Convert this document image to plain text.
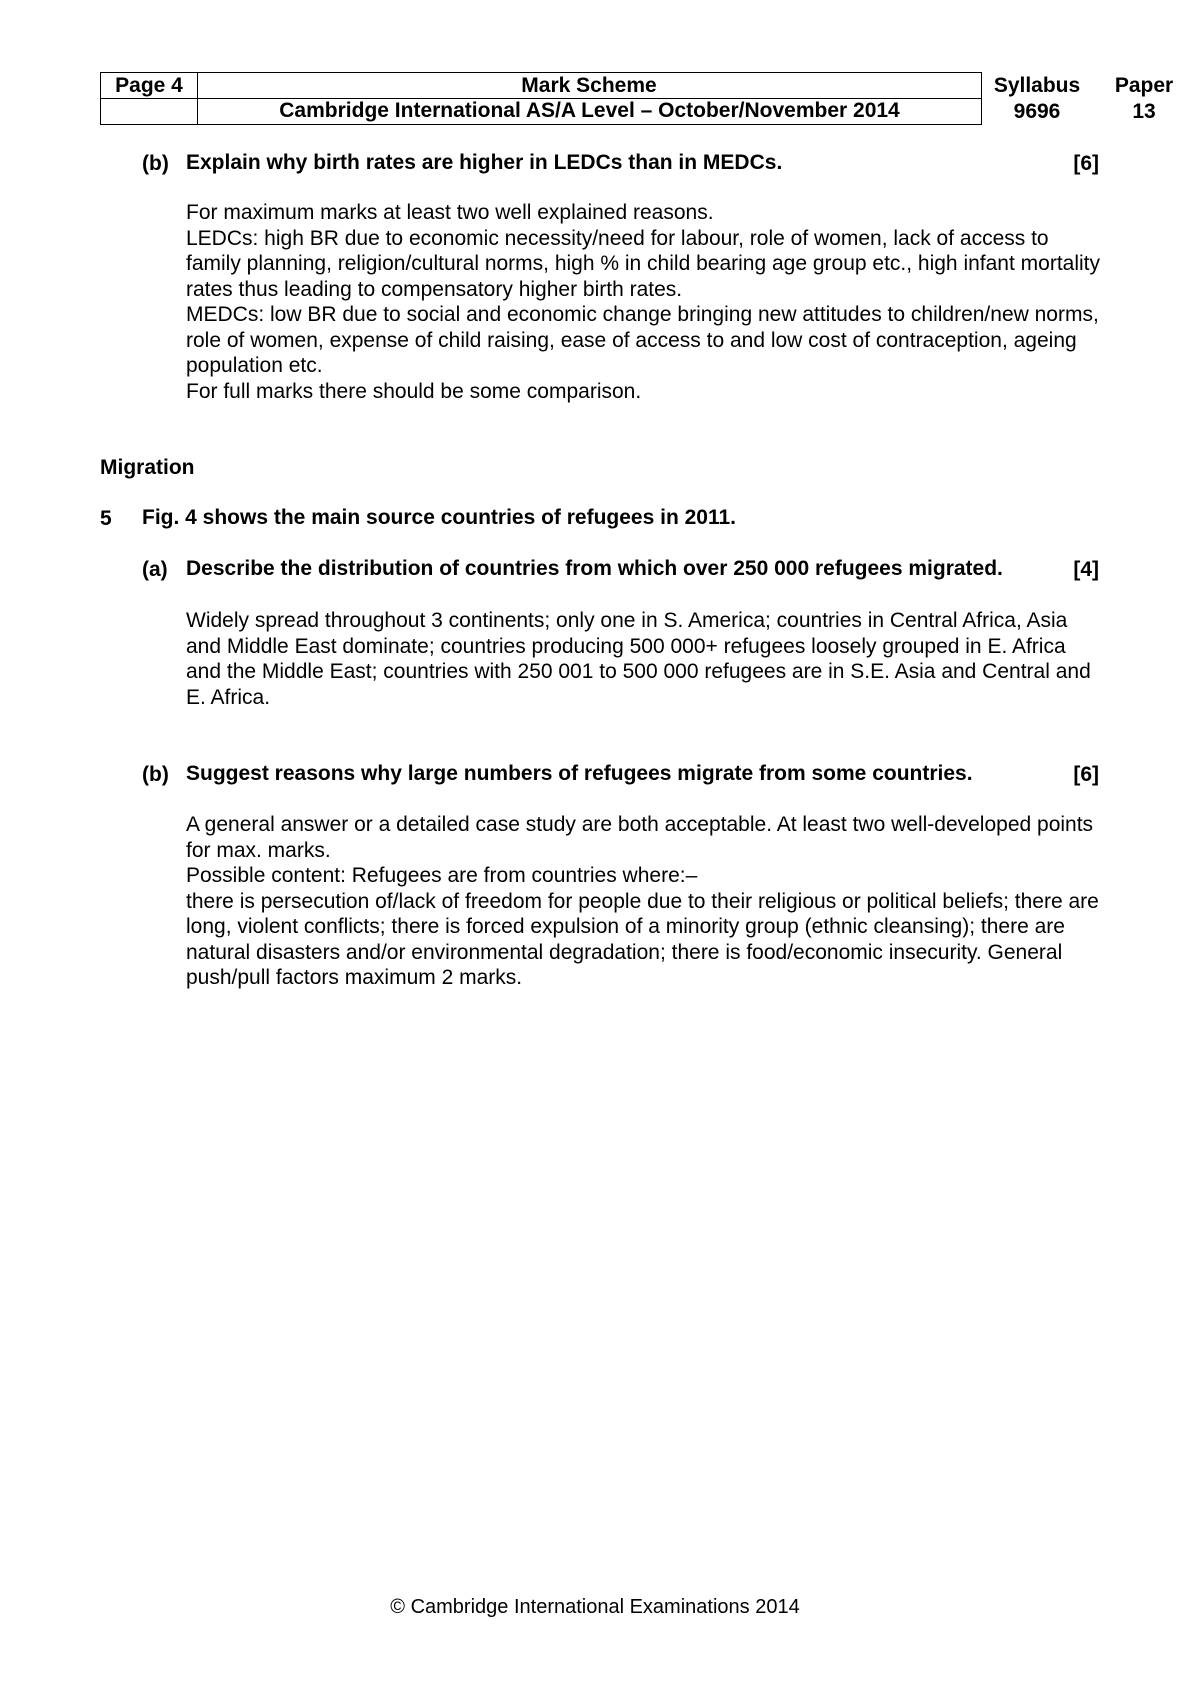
Page 4	Mark Scheme
Cambridge International AS/A Level – October/November 2014
Syllabus
9696
Paper
13
(b) Explain why birth rates are higher in LEDCs than in MEDCs.	[6]

For maximum marks at least two well explained reasons.

LEDCs: high BR due to economic necessity/need for labour, role of women, lack of access to family planning, religion/cultural norms, high % in child bearing age group etc., high infant mortality rates thus leading to compensatory higher birth rates.

MEDCs: low BR due to social and economic change bringing new attitudes to children/new norms, role of women, expense of child raising, ease of access to and low cost of contraception, ageing population etc.

For full marks there should be some comparison.

Migration
5 Fig. 4 shows the main source countries of refugees in 2011.
(a) Describe the distribution of countries from which over 250 000 refugees migrated.	[4]

Widely spread throughout 3 continents; only one in S. America; countries in Central Africa, Asia and Middle East dominate; countries producing 500 000+ refugees loosely grouped in E. Africa and the Middle East; countries with 250 001 to 500 000 refugees are in S.E. Asia and Central and E. Africa.

(b) Suggest reasons why large numbers of refugees migrate from some countries.	[6]

A general answer or a detailed case study are both acceptable. At least two well-developed points for max. marks.

Possible content: Refugees are from countries where:–

there is persecution of/lack of freedom for people due to their religious or political beliefs; there are long, violent conflicts; there is forced expulsion of a minority group (ethnic cleansing); there are natural disasters and/or environmental degradation; there is food/economic insecurity. General push/pull factors maximum 2 marks.

© Cambridge International Examinations 2014
